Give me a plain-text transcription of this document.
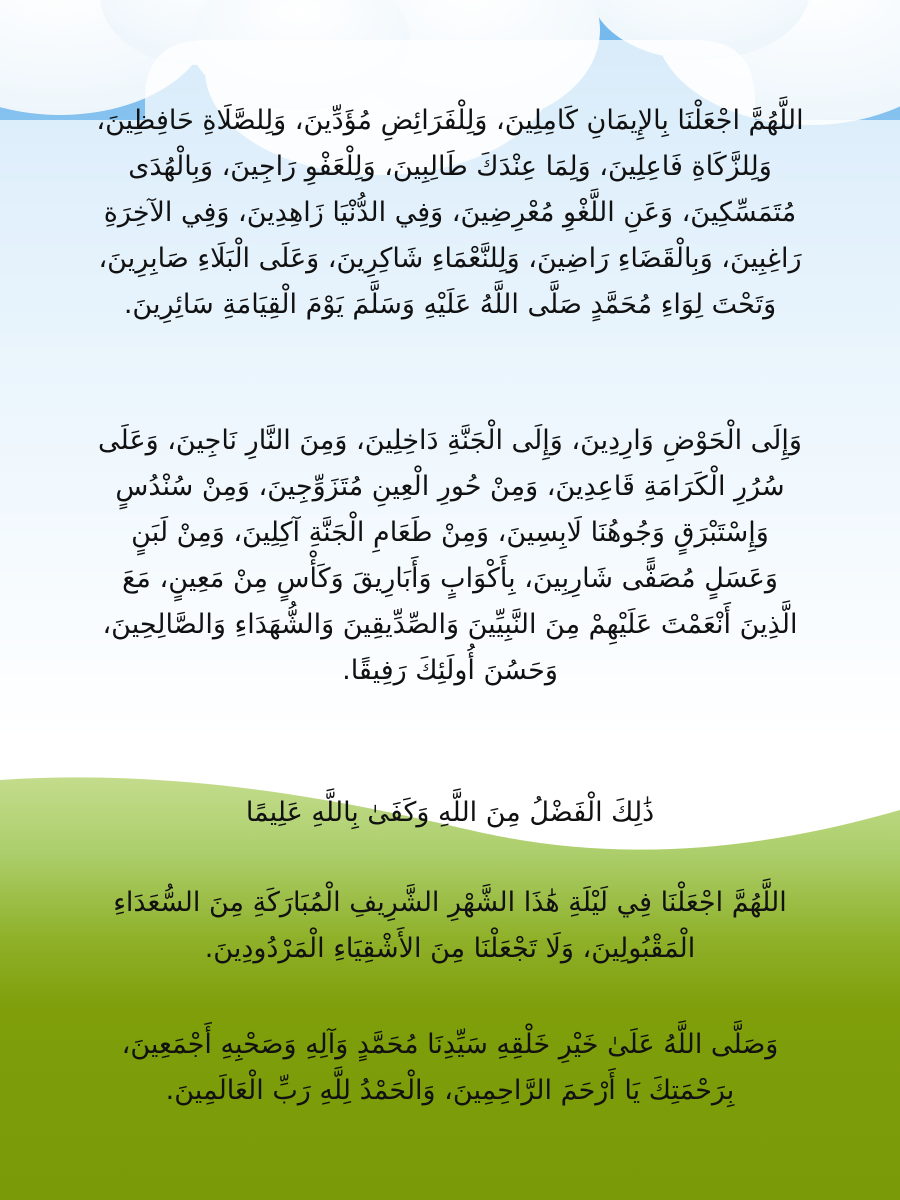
اللَّهُمَّ اجْعَلْنَا بِالإِيمَانِ كَامِلِينَ، وَلِلْفَرَائِضِ مُؤَدِّينَ، وَلِلصَّلَاةِ حَافِظِينَ، وَلِلزَّكَاةِ فَاعِلِينَ، وَلِمَا عِنْدَكَ طَالِبِينَ، وَلِلْعَفْوِ رَاجِينَ، وَبِالْهُدَى مُتَمَسِّكِينَ، وَعَنِ اللَّغْوِ مُعْرِضِينَ، وَفِي الدُّنْيَا زَاهِدِينَ، وَفِي الآخِرَةِ رَاغِبِينَ، وَبِالْقَضَاءِ رَاضِينَ، وَلِلنَّعْمَاءِ شَاكِرِينَ، وَعَلَى الْبَلَاءِ صَابِرِينَ، وَتَحْتَ لِوَاءِ مُحَمَّدٍ صَلَّى اللَّهُ عَلَيْهِ وَسَلَّمَ يَوْمَ الْقِيَامَةِ سَائِرِينَ.

وَإِلَى الْحَوْضِ وَارِدِينَ، وَإِلَى الْجَنَّةِ دَاخِلِينَ، وَمِنَ النَّارِ نَاجِينَ، وَعَلَى سُرُرِ الْكَرَامَةِ قَاعِدِينَ، وَمِنْ حُورِ الْعِينِ مُتَزَوِّجِينَ، وَمِنْ سُنْدُسٍ وَإِسْتَبْرَقٍ وَجُوهُنَا لَابِسِينَ، وَمِنْ طَعَامِ الْجَنَّةِ آكِلِينَ، وَمِنْ لَبَنٍ وَعَسَلٍ مُصَفًّى شَارِبِينَ، بِأَكْوَابٍ وَأَبَارِيقَ وَكَأْسٍ مِنْ مَعِينٍ، مَعَ الَّذِينَ أَنْعَمْتَ عَلَيْهِمْ مِنَ النَّبِيِّينَ وَالصِّدِّيقِينَ وَالشُّهَدَاءِ وَالصَّالِحِينَ، وَحَسُنَ أُولَئِكَ رَفِيقًا.

ذَٰلِكَ الْفَضْلُ مِنَ اللَّهِ وَكَفَىٰ بِاللَّهِ عَلِيمًا

اللَّهُمَّ اجْعَلْنَا فِي لَيْلَةِ هَٰذَا الشَّهْرِ الشَّرِيفِ الْمُبَارَكَةِ مِنَ السُّعَدَاءِ الْمَقْبُولِينَ، وَلَا تَجْعَلْنَا مِنَ الأَشْقِيَاءِ الْمَرْدُودِينَ.

وَصَلَّى اللَّهُ عَلَىٰ خَيْرِ خَلْقِهِ سَيِّدِنَا مُحَمَّدٍ وَآلِهِ وَصَحْبِهِ أَجْمَعِينَ، بِرَحْمَتِكَ يَا أَرْحَمَ الرَّاحِمِينَ، وَالْحَمْدُ لِلَّهِ رَبِّ الْعَالَمِينَ.
